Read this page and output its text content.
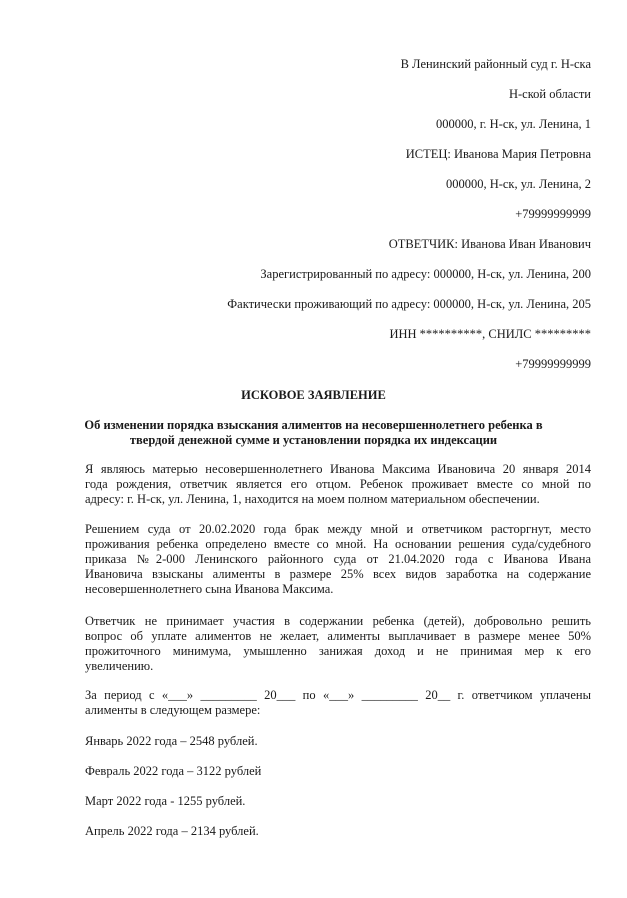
В Ленинский районный суд г. Н-ска
Н-ской области
000000, г. Н-ск, ул. Ленина, 1
ИСТЕЦ: Иванова Мария Петровна
000000, Н-ск, ул. Ленина, 2
+79999999999
ОТВЕТЧИК: Иванова Иван Иванович
Зарегистрированный по адресу: 000000, Н-ск, ул. Ленина, 200
Фактически проживающий по адресу: 000000, Н-ск, ул. Ленина, 205
ИНН **********, СНИЛС *********
+79999999999
ИСКОВОЕ ЗАЯВЛЕНИЕ
Об изменении порядка взыскания алиментов на несовершеннолетнего ребенка в
твердой денежной сумме и установлении порядка их индексации
Я являюсь матерью несовершеннолетнего Иванова Максима Ивановича 20 января 2014
года рождения, ответчик является его отцом. Ребенок проживает вместе со мной по
адресу: г. Н-ск, ул. Ленина, 1, находится на моем полном материальном обеспечении.
Решением суда от 20.02.2020 года брак между мной и ответчиком расторгнут, место
проживания ребенка определено вместе со мной. На основании решения суда/судебного
приказа №2-000 Ленинского районного суда от 21.04.2020 года с Иванова Ивана
Ивановича взысканы алименты в размере 25% всех видов заработка на содержание
несовершеннолетнего сына Иванова Максима.
Ответчик не принимает участия в содержании ребенка (детей), добровольно решить
вопрос об уплате алиментов не желает, алименты выплачивает в размере менее 50%
прожиточного минимума, умышленно занижая доход и не принимая мер к его
увеличению.
За период с «___» _________ 20___ по «___» _________ 20__ г. ответчиком уплачены
алименты в следующем размере:
Январь 2022 года – 2548 рублей.
Февраль 2022 года – 3122 рублей
Март 2022 года - 1255 рублей.
Апрель 2022 года – 2134 рублей.
